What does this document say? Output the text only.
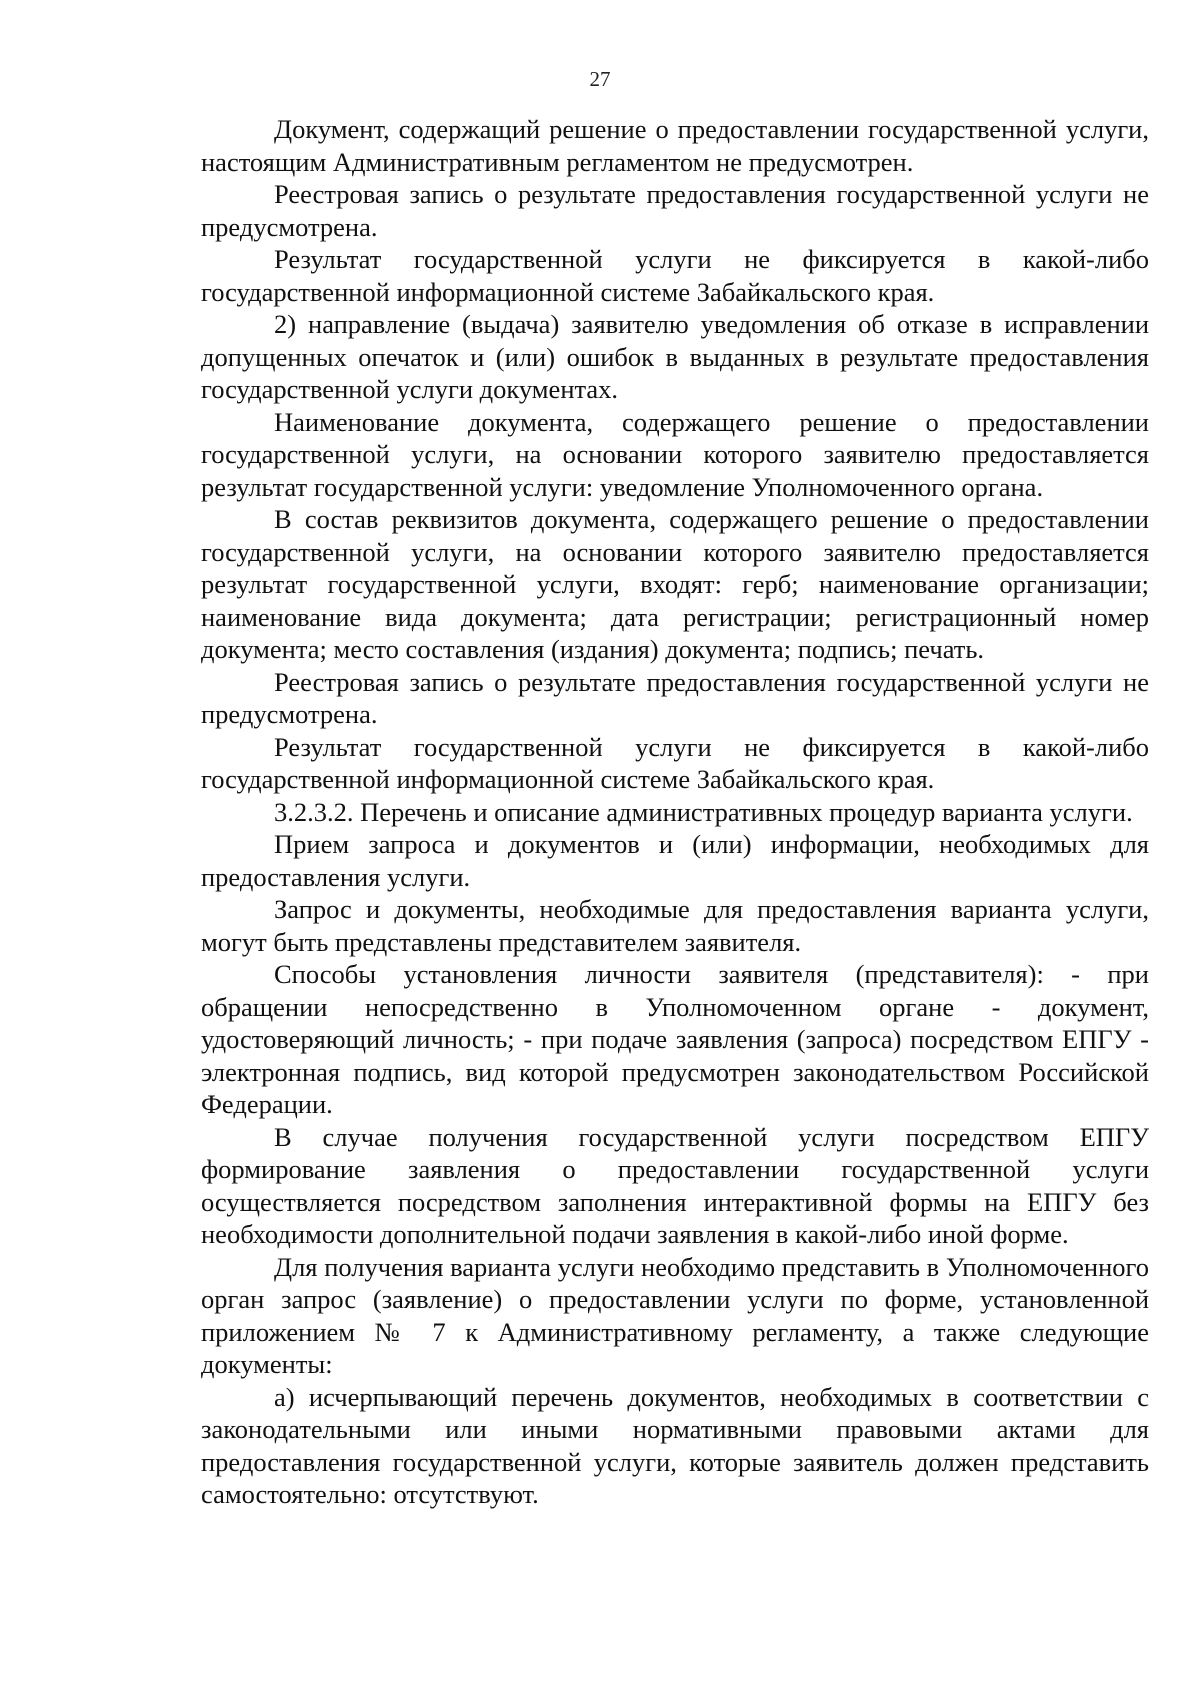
27

Документ, содержащий решение о предоставлении государственной услуги, настоящим Административным регламентом не предусмотрен.

Реестровая запись о результате предоставления государственной услуги не предусмотрена.

Результат государственной услуги не фиксируется в какой-либо государственной информационной системе Забайкальского края.

2) направление (выдача) заявителю уведомления об отказе в исправлении допущенных опечаток и (или) ошибок в выданных в результате предоставления государственной услуги документах.

Наименование документа, содержащего решение о предоставлении государственной услуги, на основании которого заявителю предоставляется результат государственной услуги: уведомление Уполномоченного органа.

В состав реквизитов документа, содержащего решение о предоставлении государственной услуги, на основании которого заявителю предоставляется результат государственной услуги, входят: герб; наименование организации; наименование вида документа; дата регистрации; регистрационный номер документа; место составления (издания) документа; подпись; печать.

Реестровая запись о результате предоставления государственной услуги не предусмотрена.

Результат государственной услуги не фиксируется в какой-либо государственной информационной системе Забайкальского края.

3.2.3.2. Перечень и описание административных процедур варианта услуги.

Прием запроса и документов и (или) информации, необходимых для предоставления услуги.

Запрос и документы, необходимые для предоставления варианта услуги, могут быть представлены представителем заявителя.

Способы установления личности заявителя (представителя): - при обращении непосредственно в Уполномоченном органе - документ, удостоверяющий личность; - при подаче заявления (запроса) посредством ЕПГУ - электронная подпись, вид которой предусмотрен законодательством Российской Федерации.

В случае получения государственной услуги посредством ЕПГУ формирование заявления о предоставлении государственной услуги осуществляется посредством заполнения интерактивной формы на ЕПГУ без необходимости дополнительной подачи заявления в какой-либо иной форме.

Для получения варианта услуги необходимо представить в Уполномоченного орган запрос (заявление) о предоставлении услуги по форме, установленной приложением № 7 к Административному регламенту, а также следующие документы:

а) исчерпывающий перечень документов, необходимых в соответствии с законодательными или иными нормативными правовыми актами для предоставления государственной услуги, которые заявитель должен представить самостоятельно: отсутствуют.
